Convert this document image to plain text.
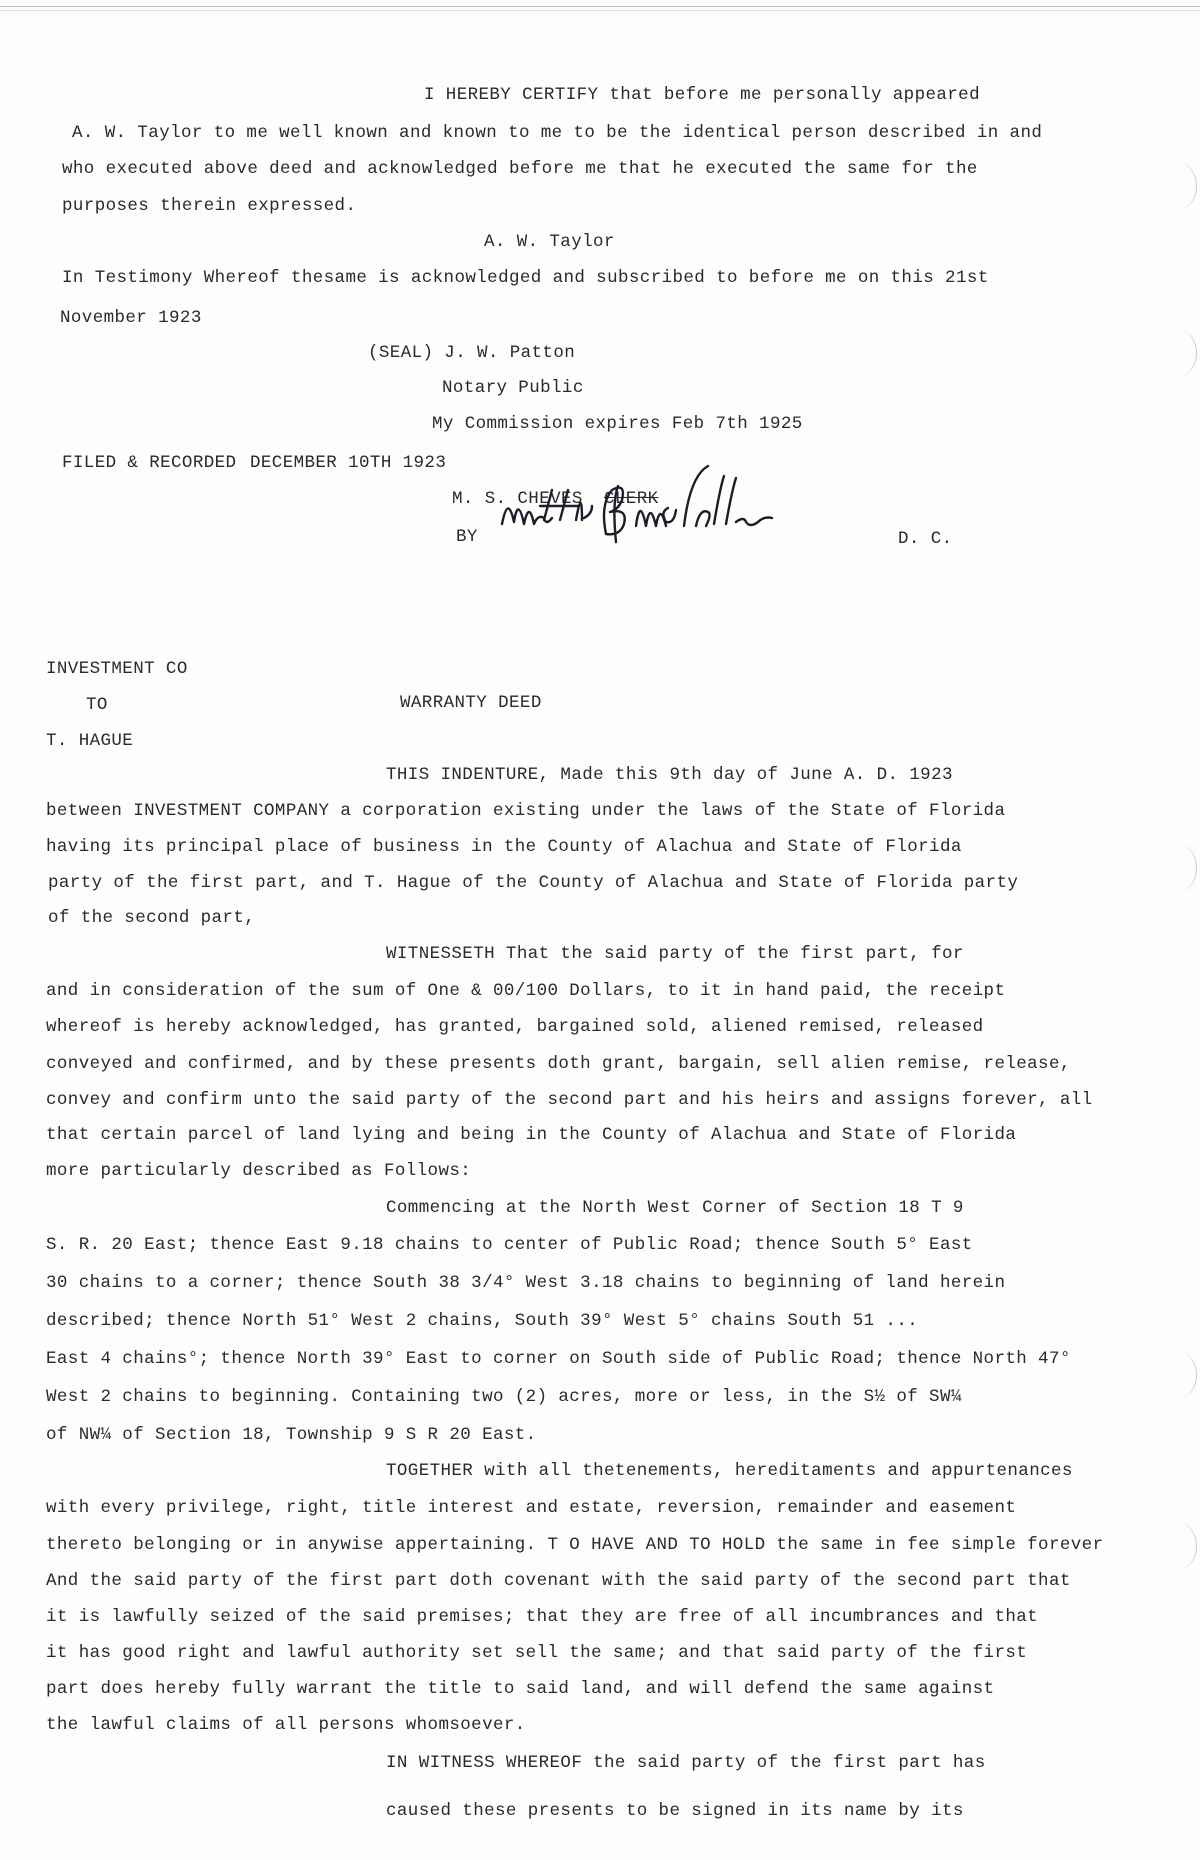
I HEREBY CERTIFY that before me personally appeared
A. W. Taylor to me well known and known to me to be the identical person described in and
who executed above deed and acknowledged before me that he executed the same for the
purposes therein expressed.
A. W. Taylor
In Testimony Whereof thesame is acknowledged and subscribed to before me on this 21st
November 1923
(SEAL) J. W. Patton
Notary Public
My Commission expires Feb 7th 1925
FILED & RECORDED DECEMBER 10TH 1923
M. S. CHEVES CLERK
BY	D. C.
INVESTMENT CO
TO	WARRANTY DEED
T. HAGUE
THIS INDENTURE, Made this 9th day of June A. D. 1923
between INVESTMENT COMPANY a corporation existing under the laws of the State of Florida
having its principal place of business in the County of Alachua and State of Florida
party of the first part, and T. Hague of the County of Alachua and State of Florida party
of the second part,
WITNESSETH That the said party of the first part, for
and in consideration of the sum of One & 00/100 Dollars, to it in hand paid, the receipt
whereof is hereby acknowledged, has granted, bargained sold, aliened remised, released
conveyed and confirmed, and by these presents doth grant, bargain, sell alien remise, release,
convey and confirm unto the said party of the second part and his heirs and assigns forever, all
that certain parcel of land lying and being in the County of Alachua and State of Florida
more particularly described as Follows:
Commencing at the North West Corner of Section 18 T 9
S. R. 20 East; thence East 9.18 chains to center of Public Road; thence South 5° East
30 chains to a corner; thence South 38 3/4° West 3.18 chains to beginning of land herein
described; thence North 51° West 2 chains, South 39° West 5° chains South 51 ...
East 4 chains°; thence North 39° East to corner on South side of Public Road; thence North 47°
West 2 chains to beginning. Containing two (2) acres, more or less, in the S½ of SW¼
of NW¼ of Section 18, Township 9 S R 20 East.
TOGETHER with all thetenements, hereditaments and appurtenances
with every privilege, right, title interest and estate, reversion, remainder and easement
thereto belonging or in anywise appertaining. T O HAVE AND TO HOLD the same in fee simple forever
And the said party of the first part doth covenant with the said party of the second part that
it is lawfully seized of the said premises; that they are free of all incumbrances and that
it has good right and lawful authority set sell the same; and that said party of the first
part does hereby fully warrant the title to said land, and will defend the same against
the lawful claims of all persons whomsoever.
IN WITNESS WHEREOF the said party of the first part has
caused these presents to be signed in its name by its
